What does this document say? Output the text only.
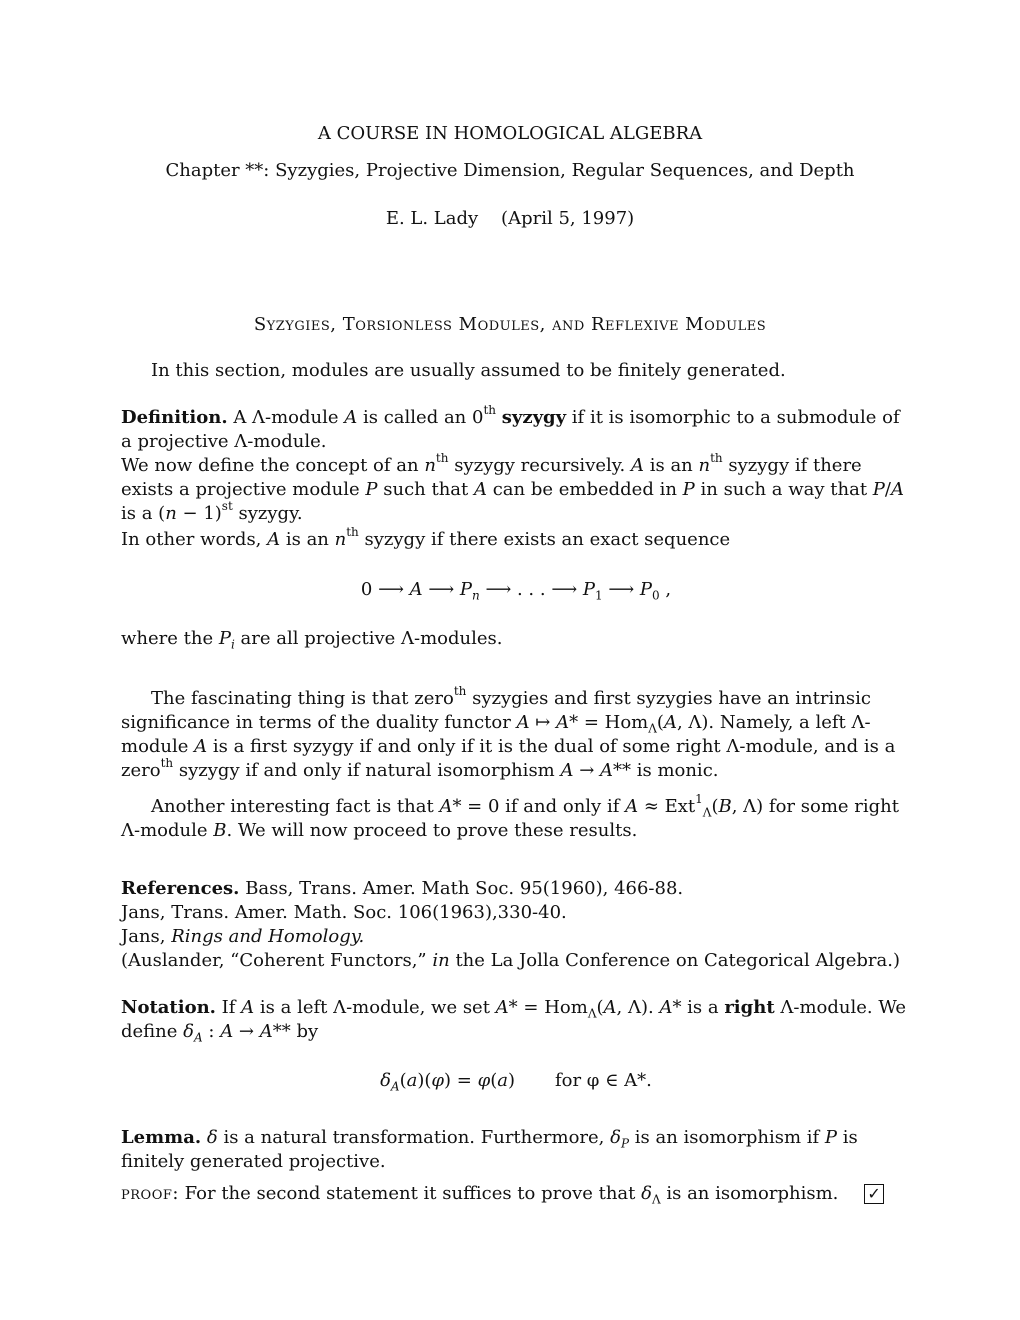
A COURSE IN HOMOLOGICAL ALGEBRA
Chapter **: Syzygies, Projective Dimension, Regular Sequences, and Depth
E. L. Lady    (April 5, 1997)
Syzygies, Torsionless Modules, and Reflexive Modules

In this section, modules are usually assumed to be finitely generated.

Definition. A Λ-module A is called an 0th syzygy if it is isomorphic to a submodule of a projective Λ-module.

We now define the concept of an $n^{th}$ syzygy recursively. A is an $n^{th}$ syzygy if there exists a projective module P such that A can be embedded in P in such a way that P/A is a $(n - 1)^{st}$ syzygy.

In other words, A is an $n^{th}$ syzygy if there exists an exact sequence

0 ⟶ A ⟶ $P_n$ ⟶ . . . ⟶ $P_1$ ⟶ $P_0$ ,

where the $P_i$ are all projective Λ-modules.

The fascinating thing is that zero$^{th}$ syzygies and first syzygies have an intrinsic significance in terms of the duality functor A ↦ A* = Hom$_\Lambda$(A, Λ). Namely, a left Λ-module A is a first syzygy if and only if it is the dual of some right Λ-module, and is a zero$^{th}$ syzygy if and only if natural isomorphism A → A** is monic.

Another interesting fact is that A* = 0 if and only if A ≈ Ext$^1_\Lambda$(B, Λ) for some right Λ-module B. We will now proceed to prove these results.

References. Bass, Trans. Amer. Math Soc. 95(1960), 466-88.

Jans, Trans. Amer. Math. Soc. 106(1963),330-40.

Jans, Rings and Homology.

(Auslander, “Coherent Functors,” in the La Jolla Conference on Categorical Algebra.)

Notation. If A is a left Λ-module, we set A* = Hom$_\Lambda$(A, Λ). A* is a right Λ-module. We define $\delta_A$ : A → A** by

$\delta_A(a)(\varphi) = \varphi(a)$ for φ ∈ A*.

Lemma. δ is a natural transformation. Furthermore, $\delta_P$ is an isomorphism if P is finitely generated projective.

proof: For the second statement it suffices to prove that $\delta_\Lambda$ is an isomorphism. ✓
